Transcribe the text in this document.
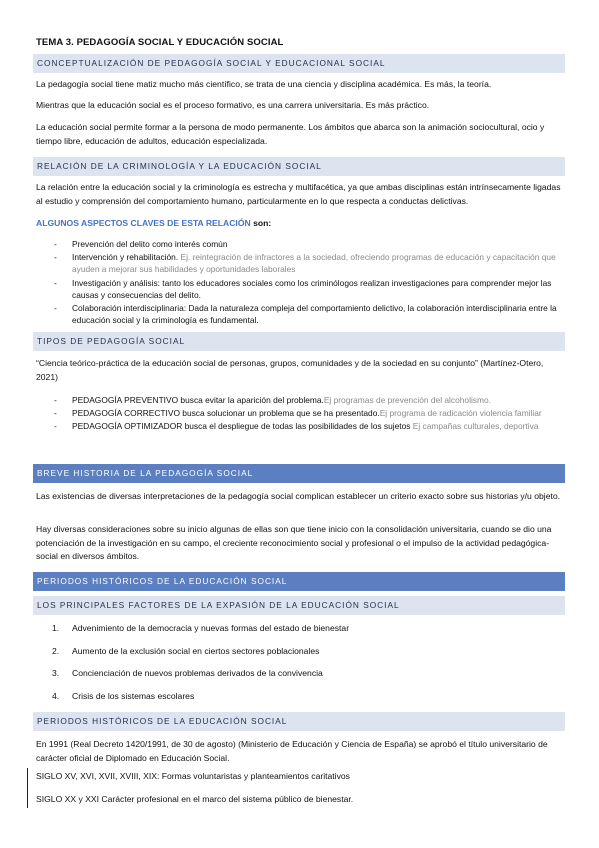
TEMA 3. PEDAGOGÍA SOCIAL Y EDUCACIÓN SOCIAL
CONCEPTUALIZACIÓN DE PEDAGOGÍA SOCIAL Y EDUCACIONAL SOCIAL
La pedagogía social tiene matiz mucho más científico, se trata de una ciencia y disciplina académica. Es más, la teoría.
Mientras que la educación social es el proceso formativo, es una carrera universitaria. Es más práctico.
La educación social permite formar a la persona de modo permanente. Los ámbitos que abarca son la animación sociocultural, ocio y tiempo libre, educación de adultos, educación especializada.
RELACIÓN DE LA CRIMINOLOGÍA Y LA EDUCACIÓN SOCIAL
La relación entre la educación social y la criminología es estrecha y multifacética, ya que ambas disciplinas están intrínsecamente ligadas al estudio y comprensión del comportamiento humano, particularmente en lo que respecta a conductas delictivas.
ALGUNOS ASPECTOS CLAVES DE ESTA RELACIÓN son:
- Prevención del delito como interés común
- Intervención y rehabilitación. Ej. reintegración de infractores a la sociedad, ofreciendo programas de educación y capacitación que ayuden a mejorar sus habilidades y oportunidades laborales
- Investigación y análisis: tanto los educadores sociales como los criminólogos realizan investigaciones para comprender mejor las causas y consecuencias del delito.
- Colaboración interdisciplinaria: Dada la naturaleza compleja del comportamiento delictivo, la colaboración interdisciplinaria entre la educación social y la criminología es fundamental.
TIPOS DE PEDAGOGÍA SOCIAL
“Ciencia teórico-práctica de la educación social de personas, grupos, comunidades y de la sociedad en su conjunto” (Martínez-Otero, 2021)
- PEDAGOGÍA PREVENTIVO busca evitar la aparición del problema.Ej programas de prevención del alcoholismo.
- PEDAGOGÍA CORRECTIVO busca solucionar un problema que se ha presentado.Ej programa de radicación violencia familiar
- PEDAGOGÍA OPTIMIZADOR busca el despliegue de todas las posibilidades de los sujetos Ej campañas culturales, deportiva
BREVE HISTORIA DE LA PEDAGOGÍA SOCIAL
Las existencias de diversas interpretaciones de la pedagogía social complican establecer un criterio exacto sobre sus historias y/u objeto.
Hay diversas consideraciones sobre su inicio algunas de ellas son que tiene inicio con la consolidación universitaria, cuando se dio una potenciación de la investigación en su campo, el creciente reconocimiento social y profesional o el impulso de la actividad pedagógica-social en diversos ámbitos.
PERIODOS HISTÓRICOS DE LA EDUCACIÓN SOCIAL
LOS PRINCIPALES FACTORES DE LA EXPASIÓN DE LA EDUCACIÓN SOCIAL
1. Advenimiento de la democracia y nuevas formas del estado de bienestar
2. Aumento de la exclusión social en ciertos sectores poblacionales
3. Concienciación de nuevos problemas derivados de la convivencia
4. Crisis de los sistemas escolares
PERIODOS HISTÓRICOS DE LA EDUCACIÓN SOCIAL
En 1991 (Real Decreto 1420/1991, de 30 de agosto) (Ministerio de Educación y Ciencia de España) se aprobó el título universitario de carácter oficial de Diplomado en Educación Social.
SIGLO XV, XVI, XVII, XVIII, XIX: Formas voluntaristas y planteamientos caritativos
SIGLO XX y XXI Carácter profesional en el marco del sistema público de bienestar.
